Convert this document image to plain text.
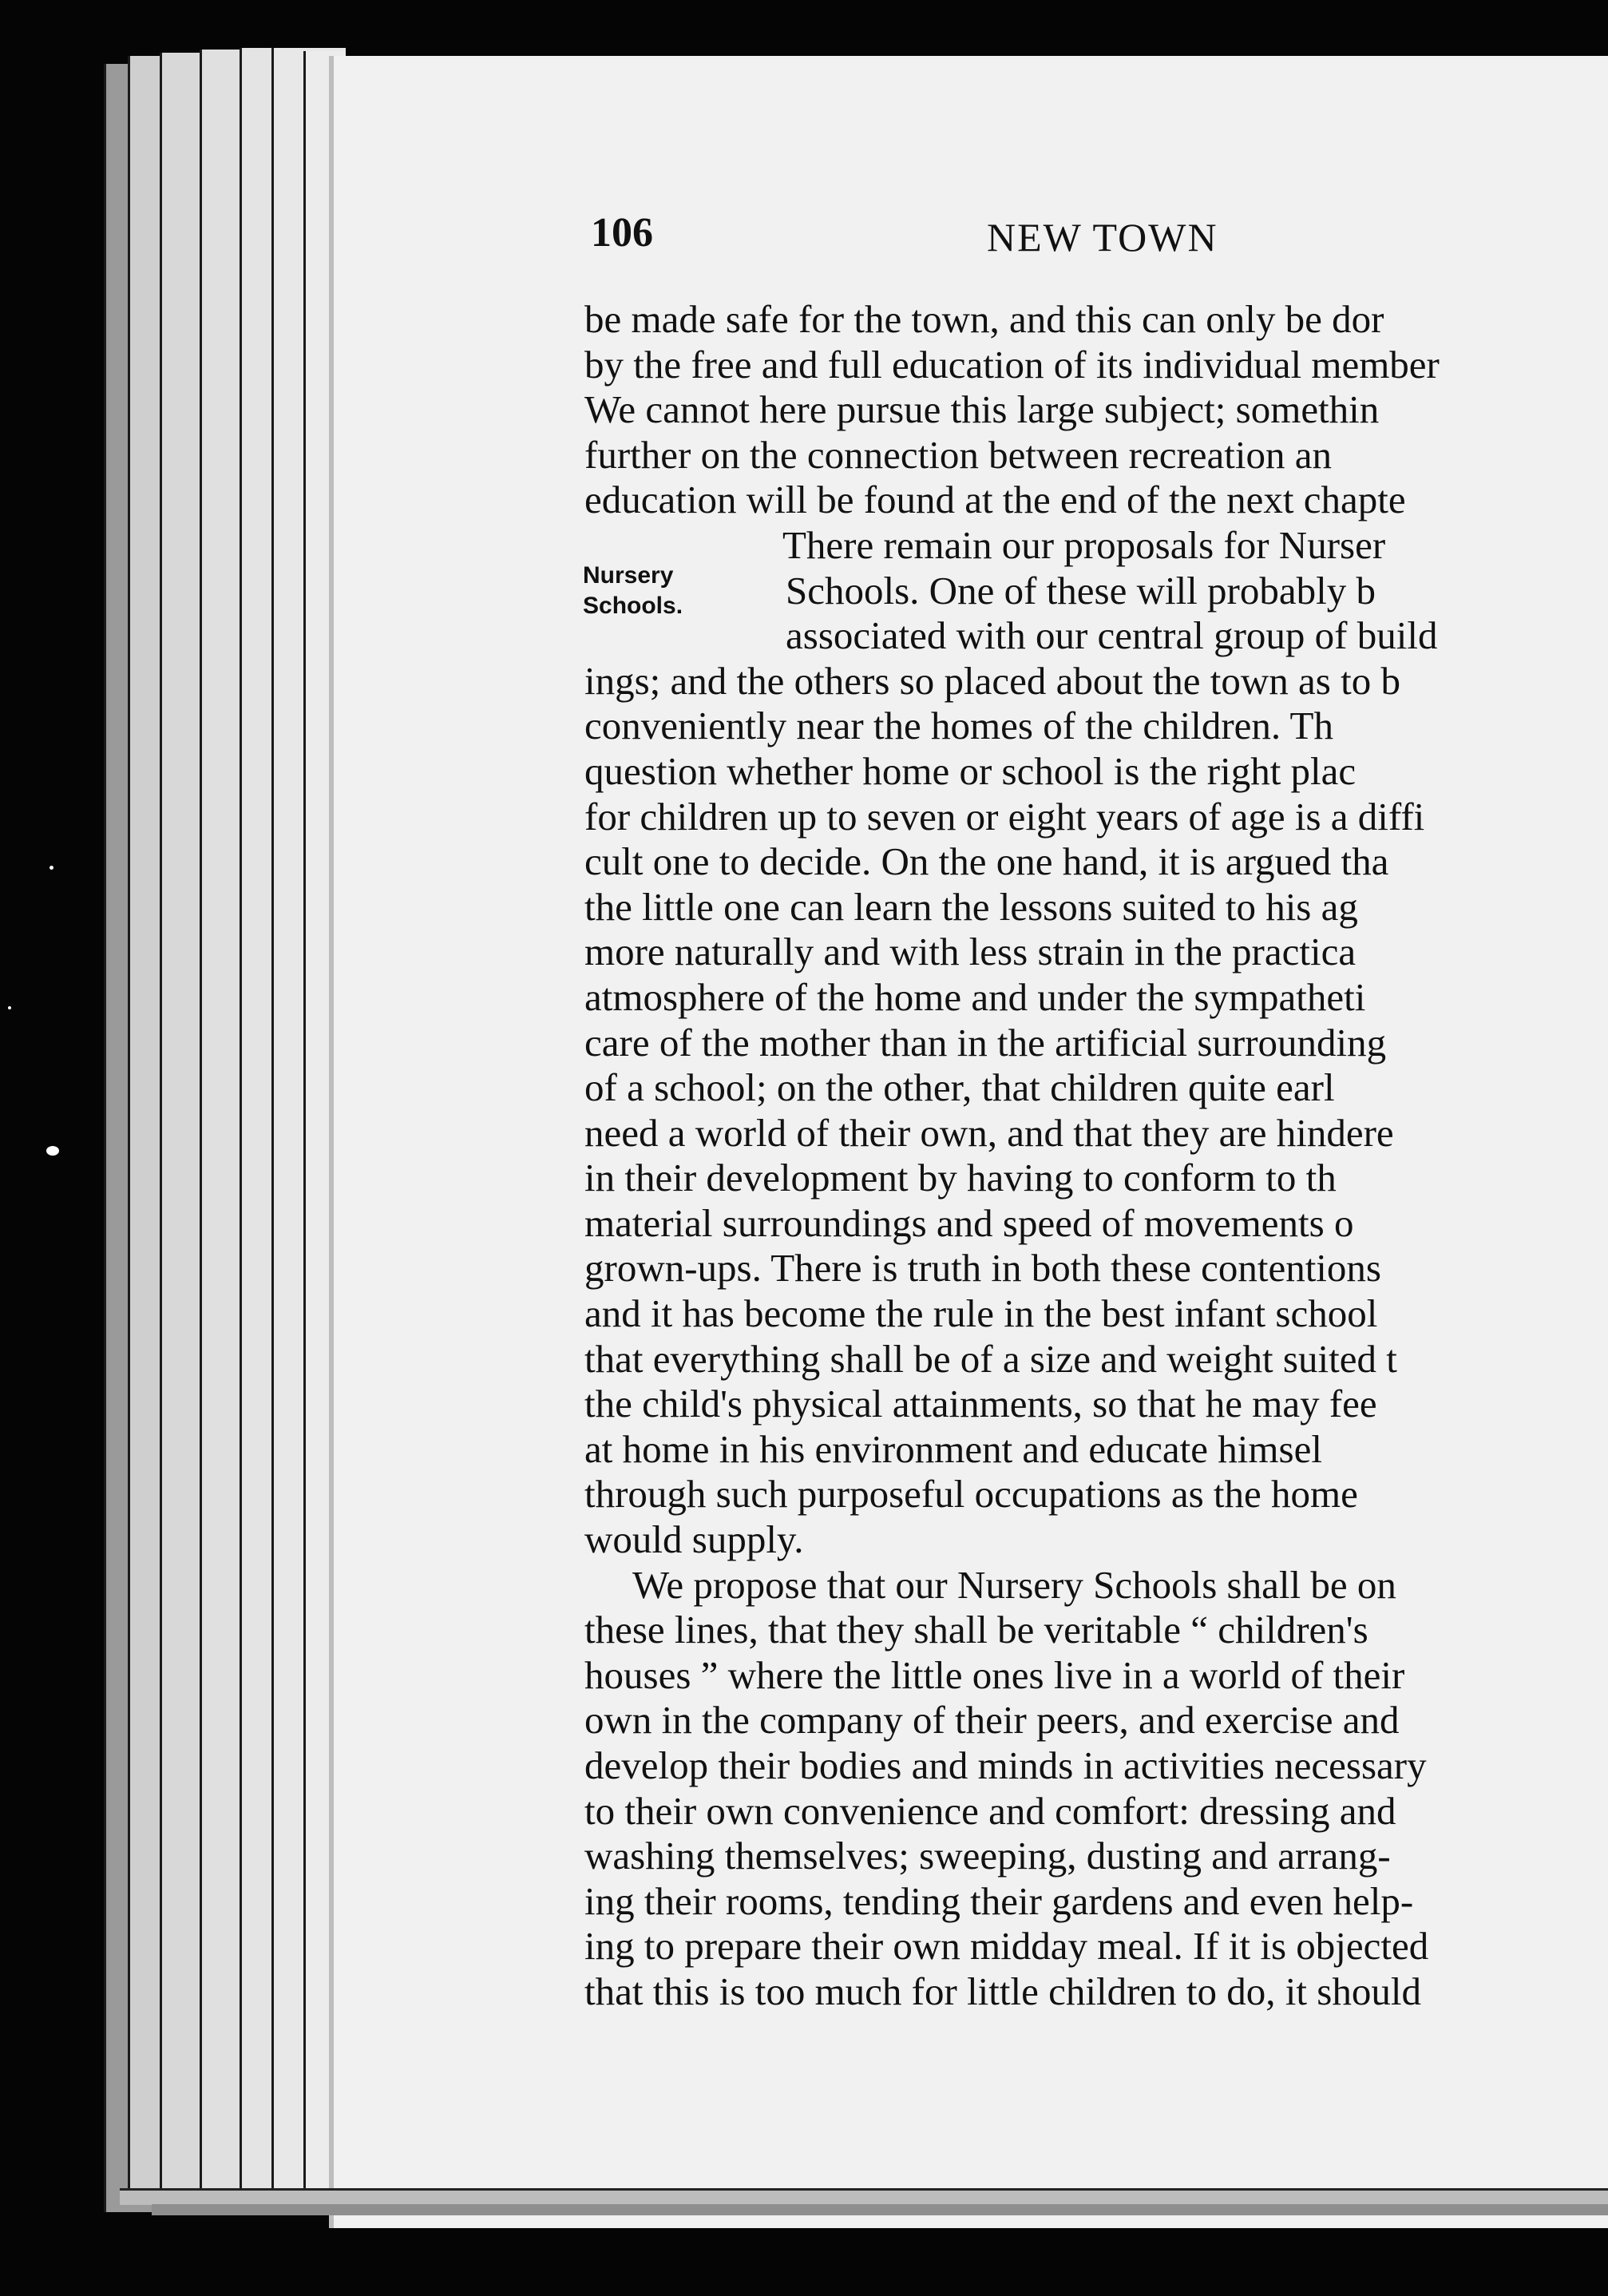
106	NEW TOWN
Nursery
Schools.
be made safe for the town, and this can only be dor
by the free and full education of its individual member
We cannot here pursue this large subject; somethin
further on the connection between recreation an
education will be found at the end of the next chapte
There remain our proposals for Nurser
Schools. One of these will probably b
associated with our central group of build
ings; and the others so placed about the town as to b
conveniently near the homes of the children. Th
question whether home or school is the right plac
for children up to seven or eight years of age is a diffi
cult one to decide. On the one hand, it is argued tha
the little one can learn the lessons suited to his ag
more naturally and with less strain in the practica
atmosphere of the home and under the sympatheti
care of the mother than in the artificial surrounding
of a school; on the other, that children quite earl
need a world of their own, and that they are hindere
in their development by having to conform to th
material surroundings and speed of movements o
grown-ups. There is truth in both these contentions
and it has become the rule in the best infant school
that everything shall be of a size and weight suited t
the child's physical attainments, so that he may fee
at home in his environment and educate himsel
through such purposeful occupations as the home
would supply.
We propose that our Nursery Schools shall be on
these lines, that they shall be veritable “ children's
houses ” where the little ones live in a world of their
own in the company of their peers, and exercise and
develop their bodies and minds in activities necessary
to their own convenience and comfort: dressing and
washing themselves; sweeping, dusting and arrang-
ing their rooms, tending their gardens and even help-
ing to prepare their own midday meal. If it is objected
that this is too much for little children to do, it should
